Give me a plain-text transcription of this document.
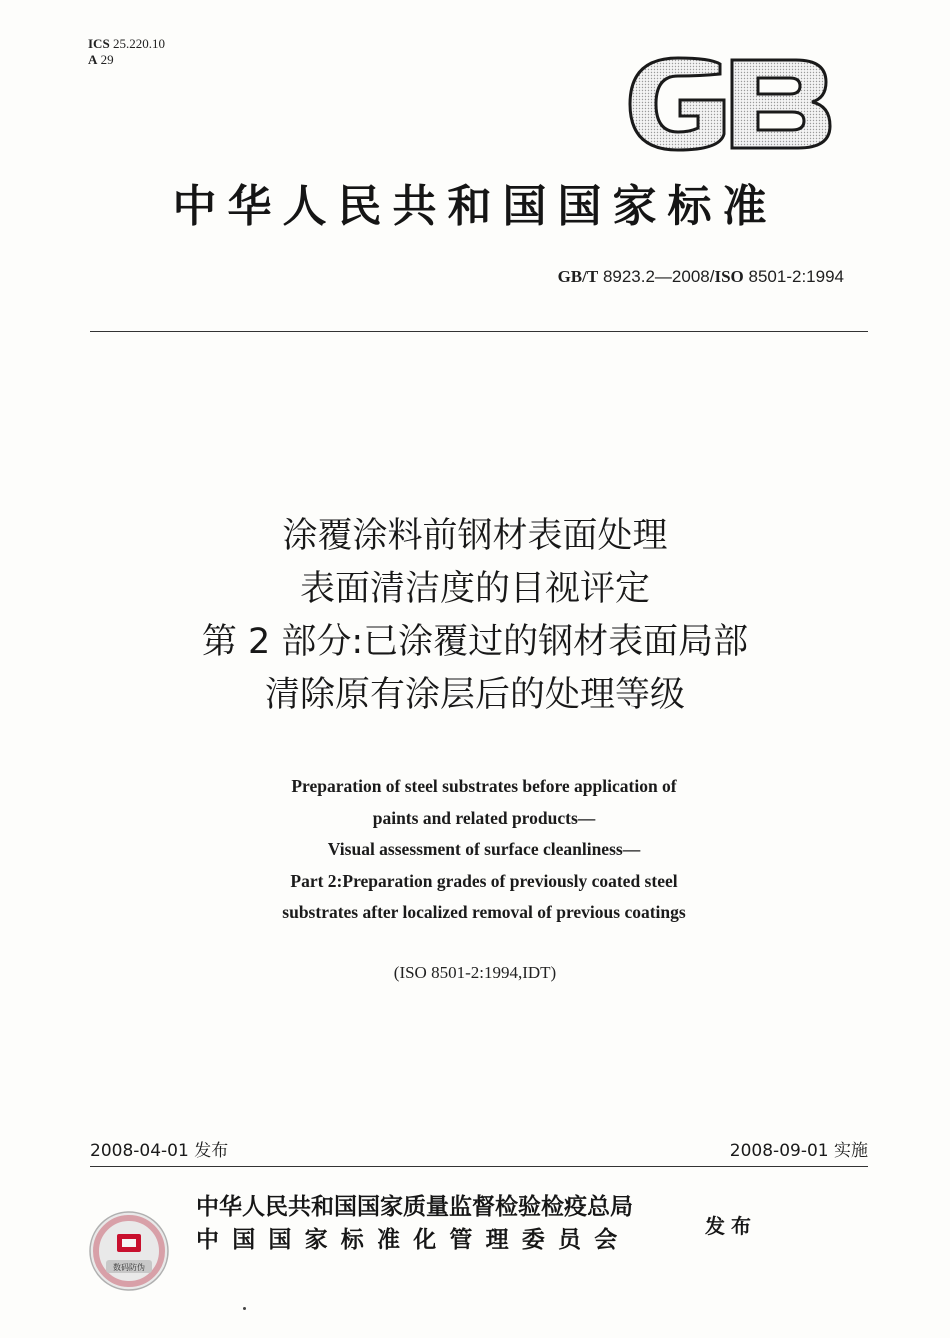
ICS 25.220.10
A 29
中华人民共和国国家标准
GB/T 8923.2—2008/ISO 8501-2:1994
涂覆涂料前钢材表面处理
表面清洁度的目视评定
第 2 部分:已涂覆过的钢材表面局部
清除原有涂层后的处理等级
Preparation of steel substrates before application of
paints and related products—
Visual assessment of surface cleanliness—
Part 2:Preparation grades of previously coated steel
substrates after localized removal of previous coatings
(ISO 8501-2:1994,IDT)
2008-04-01 发布	2008-09-01 实施
数码防伪
中华人民共和国国家质量监督检验检疫总局
中国国家标准化管理委员会	发布
